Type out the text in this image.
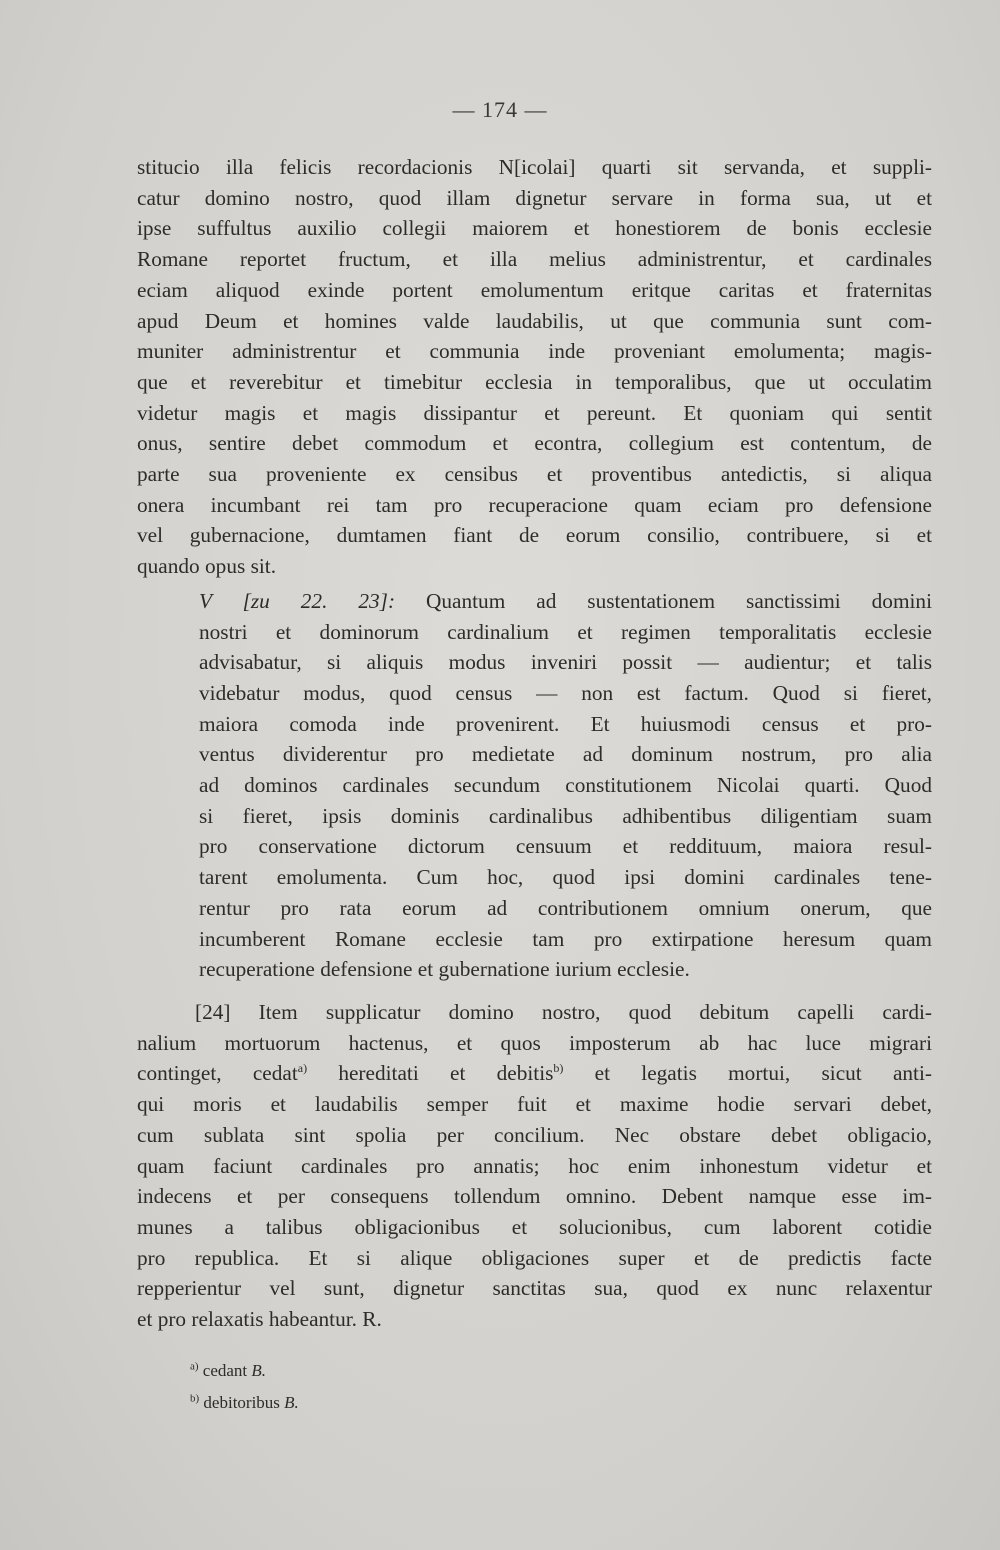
— 174 —

stitucio illa felicis recordacionis N[icolai] quarti sit servanda, et suppli-
catur domino nostro, quod illam dignetur servare in forma sua, ut et
ipse suffultus auxilio collegii maiorem et honestiorem de bonis ecclesie
Romane reportet fructum, et illa melius administrentur, et cardinales
eciam aliquod exinde portent emolumentum eritque caritas et fraternitas
apud Deum et homines valde laudabilis, ut que communia sunt com-
muniter administrentur et communia inde proveniant emolumenta; magis-
que et reverebitur et timebitur ecclesia in temporalibus, que ut occulatim
videtur magis et magis dissipantur et pereunt. Et quoniam qui sentit
onus, sentire debet commodum et econtra, collegium est contentum, de
parte sua proveniente ex censibus et proventibus antedictis, si aliqua
onera incumbant rei tam pro recuperacione quam eciam pro defensione
vel gubernacione, dumtamen fiant de eorum consilio, contribuere, si et
quando opus sit.

V [zu 22. 23]: Quantum ad sustentationem sanctissimi domini
nostri et dominorum cardinalium et regimen temporalitatis ecclesie
advisabatur, si aliquis modus inveniri possit — audientur; et talis
videbatur modus, quod census — non est factum. Quod si fieret,
maiora comoda inde provenirent. Et huiusmodi census et pro-
ventus dividerentur pro medietate ad dominum nostrum, pro alia
ad dominos cardinales secundum constitutionem Nicolai quarti. Quod
si fieret, ipsis dominis cardinalibus adhibentibus diligentiam suam
pro conservatione dictorum censuum et reddituum, maiora resul-
tarent emolumenta. Cum hoc, quod ipsi domini cardinales tene-
rentur pro rata eorum ad contributionem omnium onerum, que
incumberent Romane ecclesie tam pro extirpatione heresum quam
recuperatione defensione et gubernatione iurium ecclesie.

[24] Item supplicatur domino nostro, quod debitum capelli cardi-
nalium mortuorum hactenus, et quos imposterum ab hac luce migrari
continget, cedat$^{a)}$ hereditati et debitis$^{b)}$ et legatis mortui, sicut anti-
qui moris et laudabilis semper fuit et maxime hodie servari debet,
cum sublata sint spolia per concilium. Nec obstare debet obligacio,
quam faciunt cardinales pro annatis; hoc enim inhonestum videtur et
indecens et per consequens tollendum omnino. Debent namque esse im-
munes a talibus obligacionibus et solucionibus, cum laborent cotidie
pro republica. Et si alique obligaciones super et de predictis facte
repperientur vel sunt, dignetur sanctitas sua, quod ex nunc relaxentur
et pro relaxatis habeantur. R.

$^{a)}$ cedant B.
$^{b)}$ debitoribus B.
